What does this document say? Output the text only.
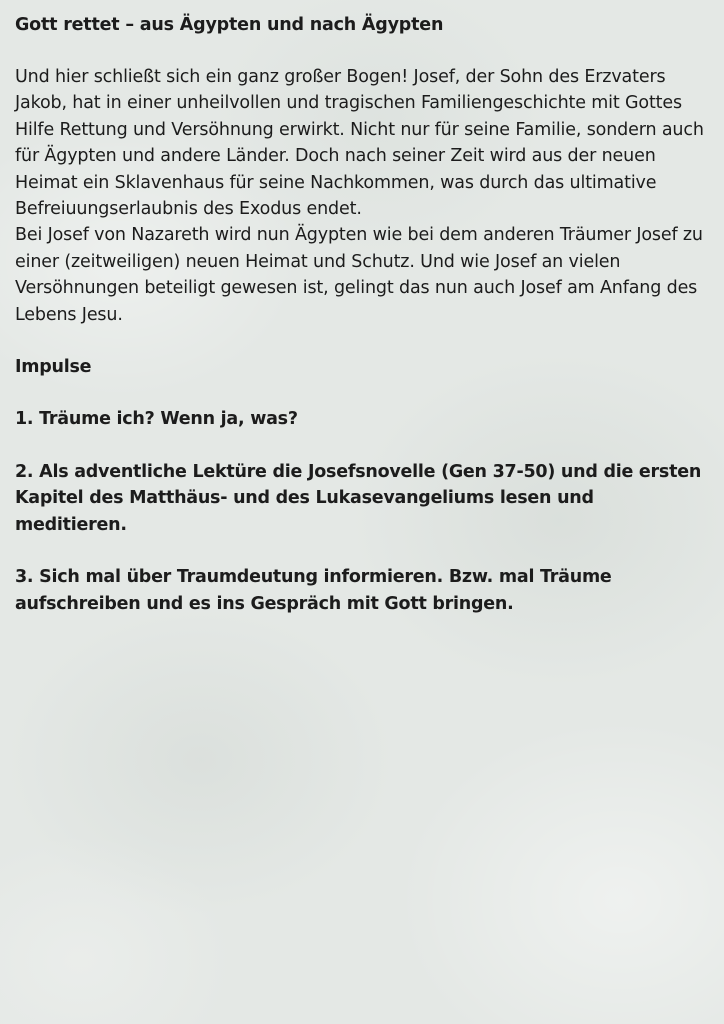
Gott rettet – aus Ägypten und nach Ägypten

Und hier schließt sich ein ganz großer Bogen! Josef, der Sohn des Erzvaters Jakob, hat in einer unheilvollen und tragischen Familiengeschichte mit Gottes Hilfe Rettung und Versöhnung erwirkt. Nicht nur für seine Familie, sondern auch für Ägypten und andere Länder. Doch nach seiner Zeit wird aus der neuen Heimat ein Sklavenhaus für seine Nachkommen, was durch das ultimative Befreiuungserlaubnis des Exodus endet.

Bei Josef von Nazareth wird nun Ägypten wie bei dem anderen Träumer Josef zu einer (zeitweiligen) neuen Heimat und Schutz. Und wie Josef an vielen Versöhnungen beteiligt gewesen ist, gelingt das nun auch Josef am Anfang des Lebens Jesu.

Impulse

1. Träume ich? Wenn ja, was?

2. Als adventliche Lektüre die Josefsnovelle (Gen 37-50) und die ersten Kapitel des Matthäus- und des Lukasevangeliums lesen und meditieren.

3. Sich mal über Traumdeutung informieren. Bzw. mal Träume aufschreiben und es ins Gespräch mit Gott bringen.
